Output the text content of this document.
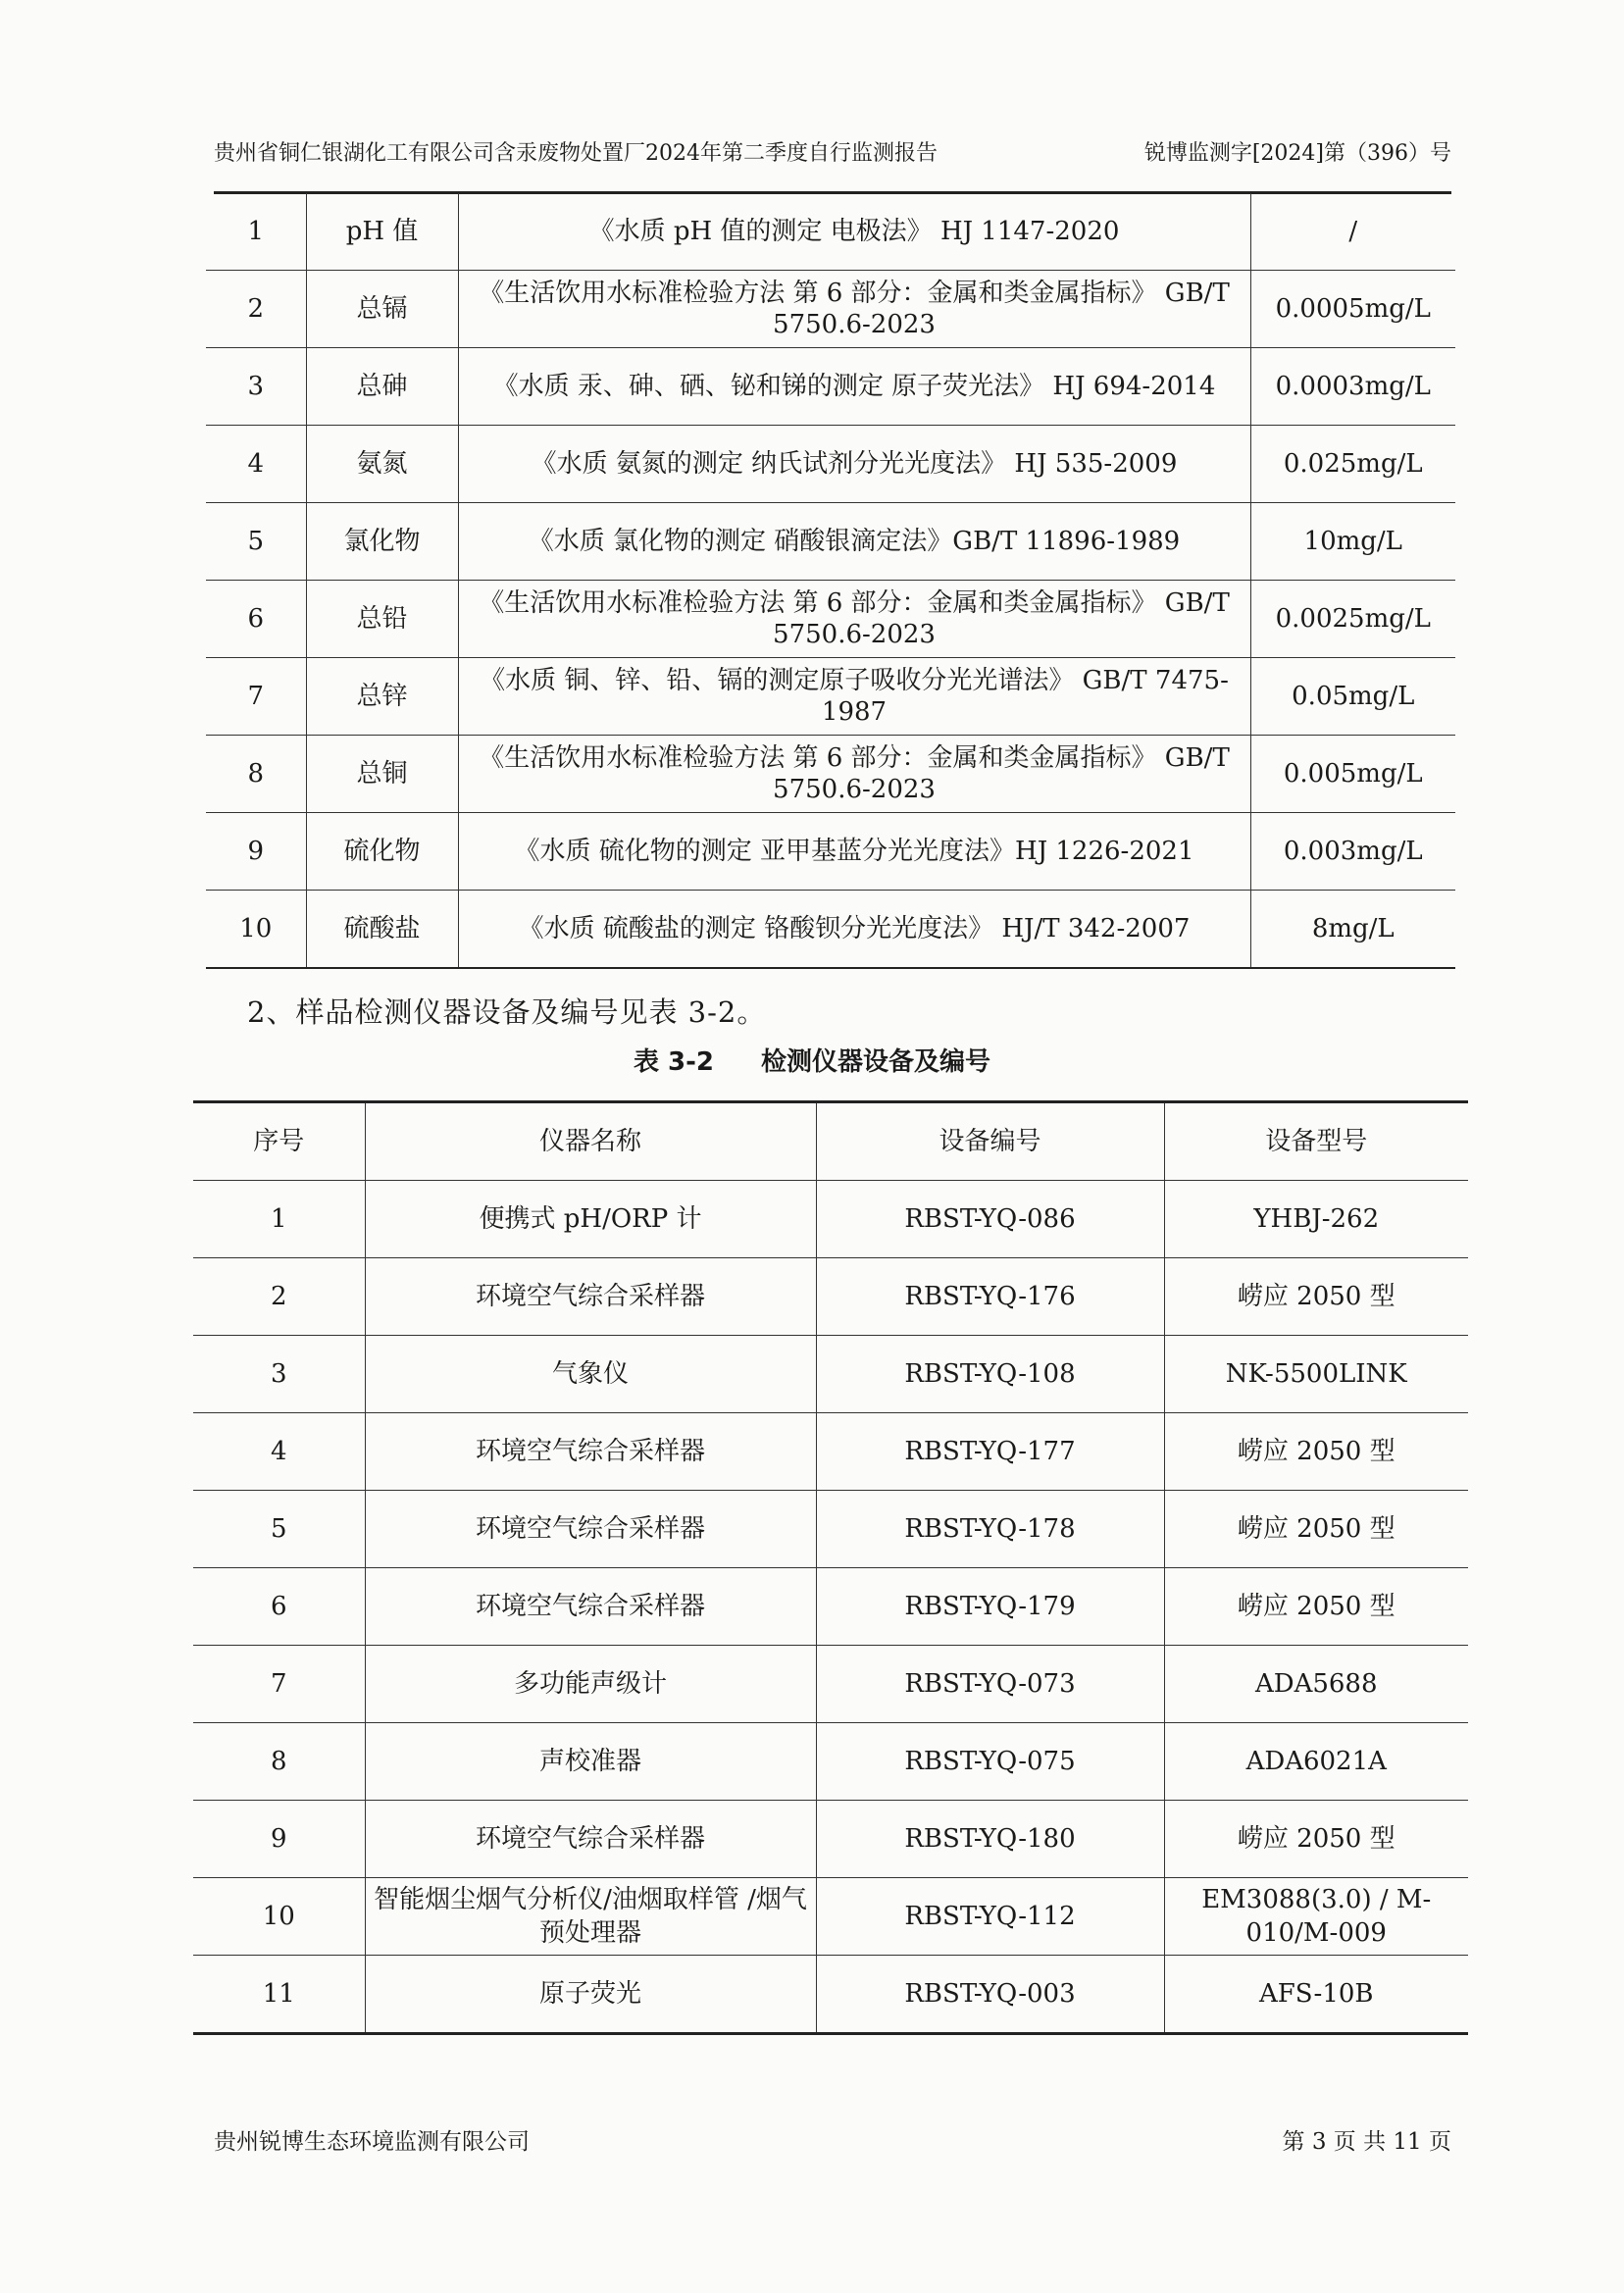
贵州省铜仁银湖化工有限公司含汞废物处置厂2024年第二季度自行监测报告	锐博监测字[2024]第（396）号
1	pH 值	《水质 pH 值的测定 电极法》 HJ 1147-2020	/
2	总镉	《生活饮用水标准检验方法 第 6 部分：金属和类金属指标》 GB/T 5750.6-2023	0.0005mg/L
3	总砷	《水质 汞、砷、硒、铋和锑的测定 原子荧光法》 HJ 694-2014	0.0003mg/L
4	氨氮	《水质 氨氮的测定 纳氏试剂分光光度法》 HJ 535-2009	0.025mg/L
5	氯化物	《水质 氯化物的测定 硝酸银滴定法》GB/T 11896-1989	10mg/L
6	总铅	《生活饮用水标准检验方法 第 6 部分：金属和类金属指标》 GB/T 5750.6-2023	0.0025mg/L
7	总锌	《水质 铜、锌、铅、镉的测定原子吸收分光光谱法》 GB/T 7475-1987	0.05mg/L
8	总铜	《生活饮用水标准检验方法 第 6 部分：金属和类金属指标》 GB/T 5750.6-2023	0.005mg/L
9	硫化物	《水质 硫化物的测定 亚甲基蓝分光光度法》HJ 1226-2021	0.003mg/L
10	硫酸盐	《水质 硫酸盐的测定 铬酸钡分光光度法》 HJ/T 342-2007	8mg/L
2、样品检测仪器设备及编号见表 3-2。
表 3-2 检测仪器设备及编号
序号	仪器名称	设备编号	设备型号
1	便携式 pH/ORP 计	RBST-YQ-086	YHBJ-262
2	环境空气综合采样器	RBST-YQ-176	崂应 2050 型
3	气象仪	RBST-YQ-108	NK-5500LINK
4	环境空气综合采样器	RBST-YQ-177	崂应 2050 型
5	环境空气综合采样器	RBST-YQ-178	崂应 2050 型
6	环境空气综合采样器	RBST-YQ-179	崂应 2050 型
7	多功能声级计	RBST-YQ-073	ADA5688
8	声校准器	RBST-YQ-075	ADA6021A
9	环境空气综合采样器	RBST-YQ-180	崂应 2050 型
10	智能烟尘烟气分析仪/油烟取样管 /烟气预处理器	RBST-YQ-112	EM3088(3.0) / M-010/M-009
11	原子荧光	RBST-YQ-003	AFS-10B
贵州锐博生态环境监测有限公司	第 3 页 共 11 页
